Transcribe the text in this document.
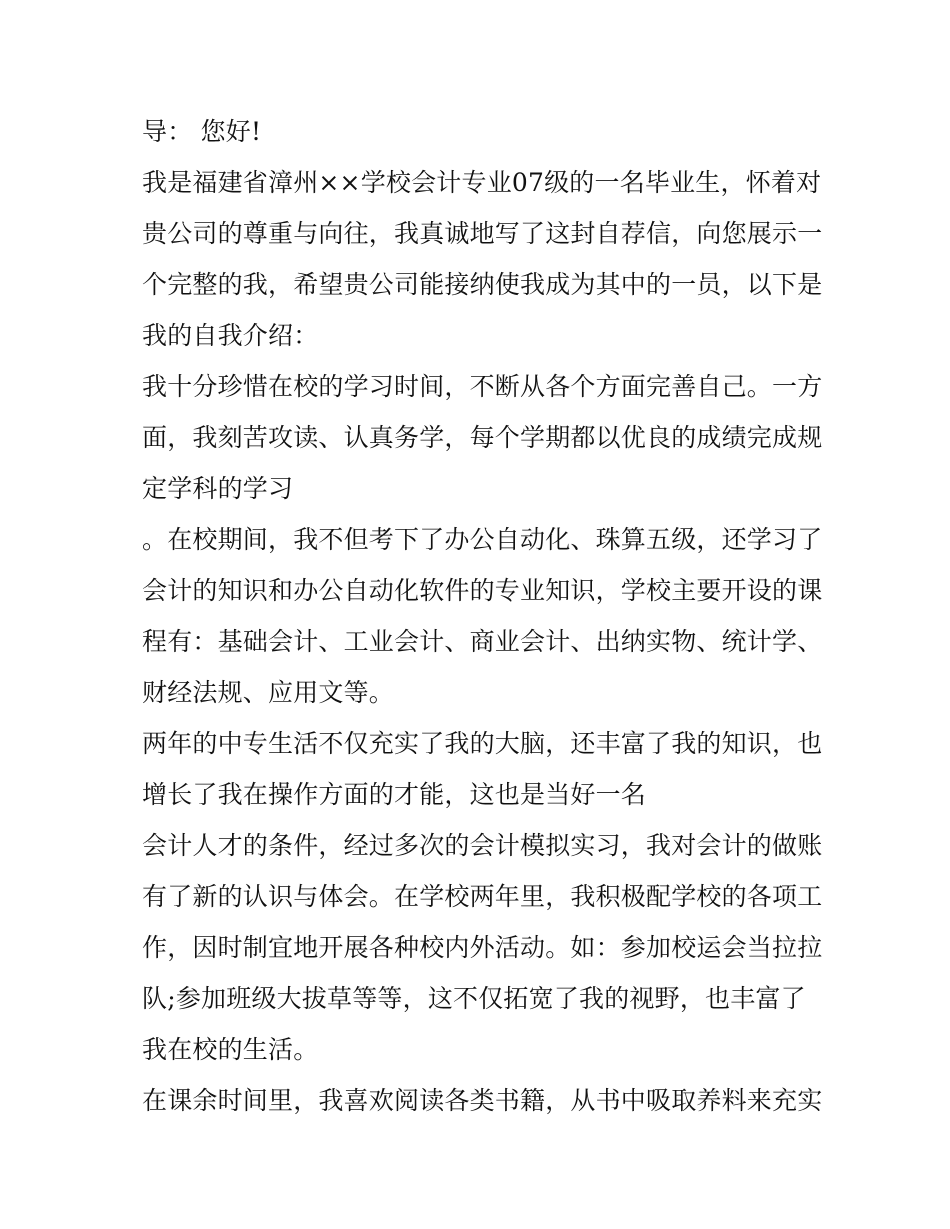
导： 您好!
我是福建省漳州××学校会计专业07级的一名毕业生，怀着对
贵公司的尊重与向往，我真诚地写了这封自荐信，向您展示一
个完整的我，希望贵公司能接纳使我成为其中的一员，以下是
我的自我介绍：
我十分珍惜在校的学习时间，不断从各个方面完善自己。一方
面，我刻苦攻读、认真务学，每个学期都以优良的成绩完成规
定学科的学习
。在校期间，我不但考下了办公自动化、珠算五级，还学习了
会计的知识和办公自动化软件的专业知识，学校主要开设的课
程有：基础会计、工业会计、商业会计、出纳实物、统计学、
财经法规、应用文等。
两年的中专生活不仅充实了我的大脑，还丰富了我的知识，也
增长了我在操作方面的才能，这也是当好一名
会计人才的条件，经过多次的会计模拟实习，我对会计的做账
有了新的认识与体会。在学校两年里，我积极配学校的各项工
作，因时制宜地开展各种校内外活动。如：参加校运会当拉拉
队;参加班级大拔草等等，这不仅拓宽了我的视野，也丰富了
我在校的生活。
在课余时间里，我喜欢阅读各类书籍，从书中吸取养料来充实
